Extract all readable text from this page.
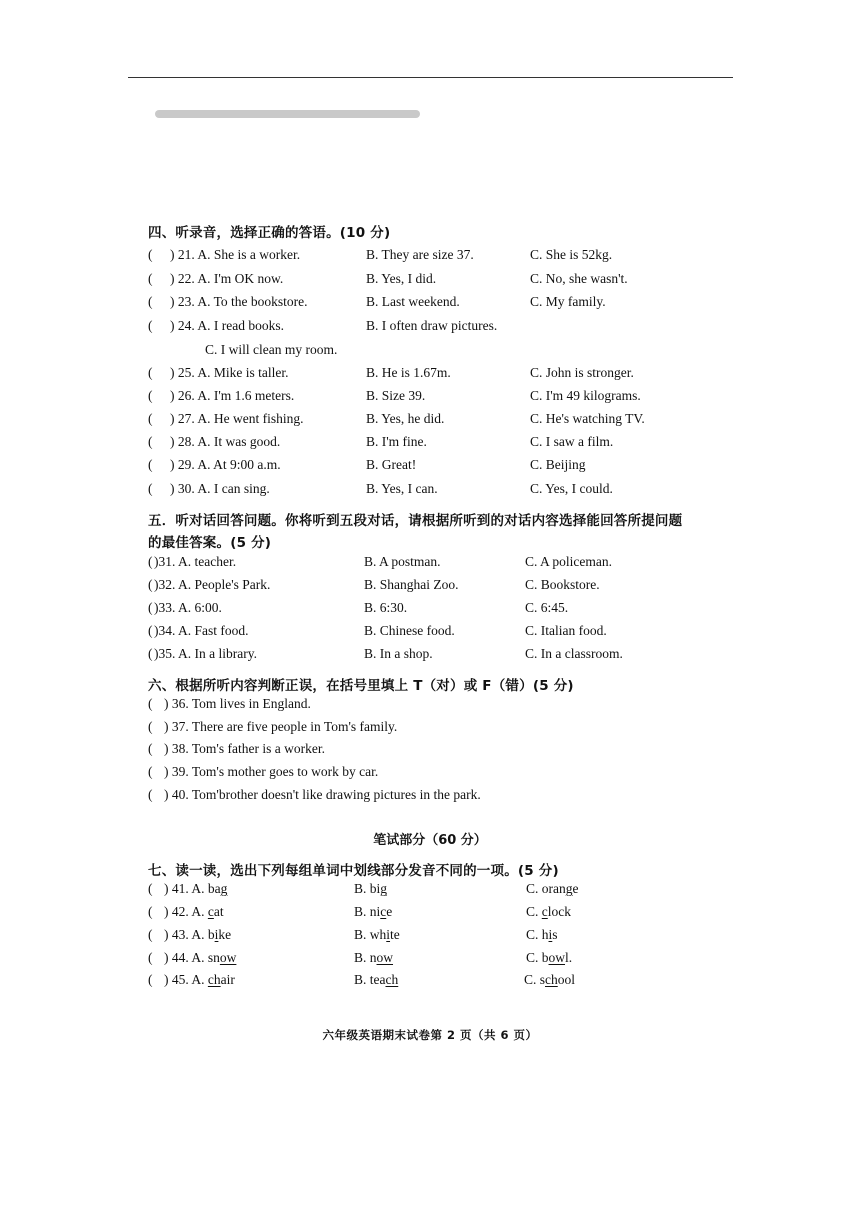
四、听录音，选择正确的答语。(10 分)
( ) 21. A. She is a worker.	B. They are size 37.	C. She is 52kg.
( ) 22. A. I'm OK now.	B. Yes, I did.	C. No, she wasn't.
( ) 23. A. To the bookstore.	B. Last weekend.	C. My family.
( ) 24. A. I read books.	B. I often draw pictures.
C. I will clean my room.
( ) 25. A. Mike is taller.	B. He is 1.67m.	C. John is stronger.
( ) 26. A. I'm 1.6 meters.	B. Size 39.	C. I'm 49 kilograms.
( ) 27. A. He went fishing.	B. Yes, he did.	C. He's watching TV.
( ) 28. A. It was good.	B. I'm fine.	C. I saw a film.
( ) 29. A. At 9:00 a.m.	B. Great!	C. Beijing
( ) 30. A. I can sing.	B. Yes, I can.	C. Yes, I could.
五．听对话回答问题。你将听到五段对话，请根据所听到的对话内容选择能回答所提问题
的最佳答案。(5 分)
( )31. A. teacher.	B. A postman.	C. A policeman.
( )32. A. People's Park.	B. Shanghai Zoo.	C. Bookstore.
( )33. A. 6:00.	B. 6:30.	C. 6:45.
( )34. A. Fast food.	B. Chinese food.	C. Italian food.
( )35. A. In a library.	B. In a shop.	C. In a classroom.
六、根据所听内容判断正误，在括号里填上 T（对）或 F（错）(5 分)
( ) 36. Tom lives in England.
( ) 37. There are five people in Tom's family.
( ) 38. Tom's father is a worker.
( ) 39. Tom's mother goes to work by car.
( ) 40. Tom'brother doesn't like drawing pictures in the park.
笔试部分（60 分）
七、读一读，选出下列每组单词中划线部分发音不同的一项。(5 分)
( ) 41. A. bag	B. big	C. orange
( ) 42. A. cat	B. nice	C. clock
( ) 43. A. bike	B. white	C. his
( ) 44. A. snow	B. now	C. bowl.
( ) 45. A. chair	B. teach	C. school
六年级英语期末试卷第 2 页（共 6 页）
